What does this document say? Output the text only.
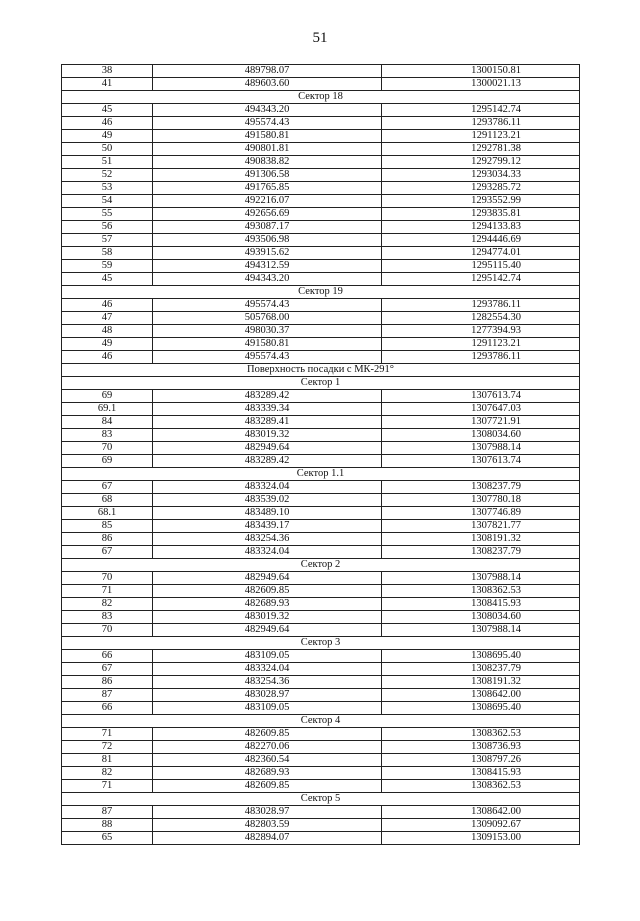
51
38	489798.07	1300150.81
41	489603.60	1300021.13
Сектор 18		
45	494343.20	1295142.74
46	495574.43	1293786.11
49	491580.81	1291123.21
50	490801.81	1292781.38
51	490838.82	1292799.12
52	491306.58	1293034.33
53	491765.85	1293285.72
54	492216.07	1293552.99
55	492656.69	1293835.81
56	493087.17	1294133.83
57	493506.98	1294446.69
58	493915.62	1294774.01
59	494312.59	1295115.40
45	494343.20	1295142.74
Сектор 19		
46	495574.43	1293786.11
47	505768.00	1282554.30
48	498030.37	1277394.93
49	491580.81	1291123.21
46	495574.43	1293786.11
Поверхность посадки с МК-291°		
Сектор 1		
69	483289.42	1307613.74
69.1	483339.34	1307647.03
84	483289.41	1307721.91
83	483019.32	1308034.60
70	482949.64	1307988.14
69	483289.42	1307613.74
Сектор 1.1		
67	483324.04	1308237.79
68	483539.02	1307780.18
68.1	483489.10	1307746.89
85	483439.17	1307821.77
86	483254.36	1308191.32
67	483324.04	1308237.79
Сектор 2		
70	482949.64	1307988.14
71	482609.85	1308362.53
82	482689.93	1308415.93
83	483019.32	1308034.60
70	482949.64	1307988.14
Сектор 3		
66	483109.05	1308695.40
67	483324.04	1308237.79
86	483254.36	1308191.32
87	483028.97	1308642.00
66	483109.05	1308695.40
Сектор 4		
71	482609.85	1308362.53
72	482270.06	1308736.93
81	482360.54	1308797.26
82	482689.93	1308415.93
71	482609.85	1308362.53
Сектор 5		
87	483028.97	1308642.00
88	482803.59	1309092.67
65	482894.07	1309153.00
